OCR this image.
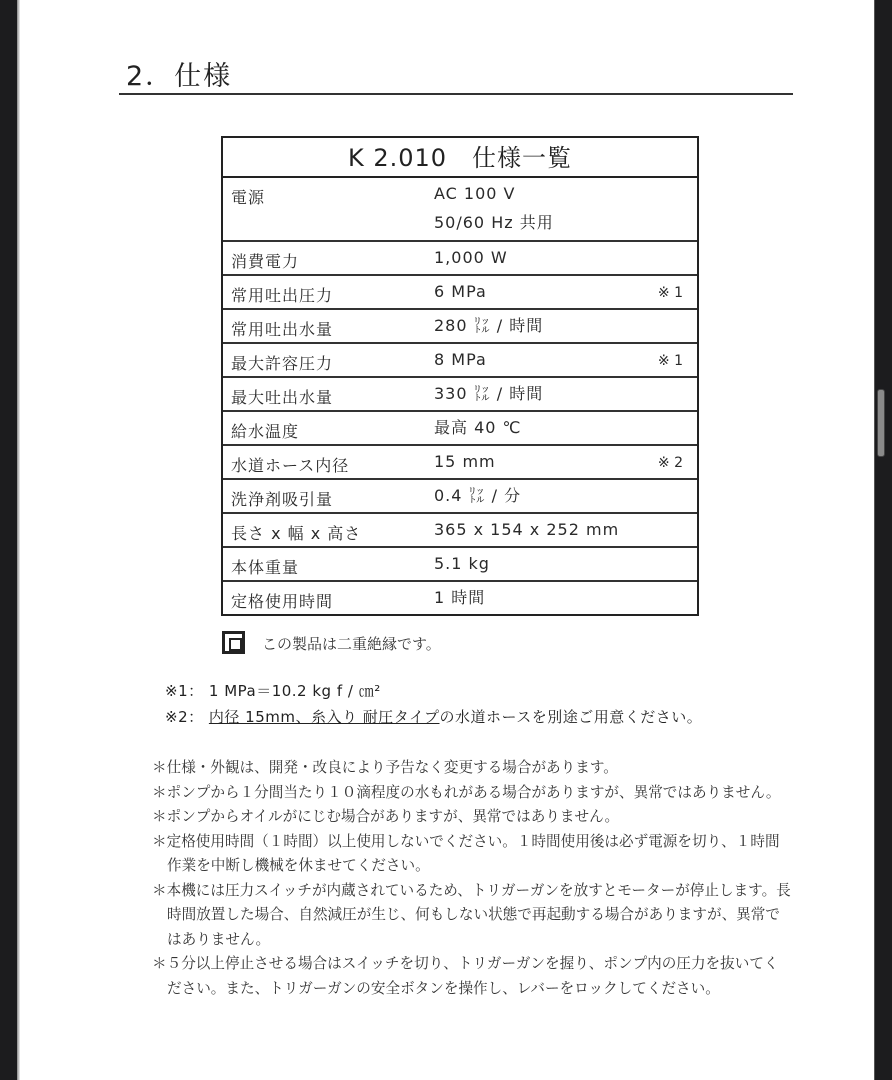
2．仕様
K 2.010　仕様一覧
電源	AC 100 V
50/60 Hz 共用
消費電力	1,000 W
常用吐出圧力	6 MPa	※ 1
常用吐出水量	280 ㍑ / 時間
最大許容圧力	8 MPa	※ 1
最大吐出水量	330 ㍑ / 時間
給水温度	最高 40 ℃
水道ホース内径	15 mm	※ 2
洗浄剤吸引量	0.4 ㍑ / 分
長さ x 幅 x 高さ	365 x 154 x 252 mm
本体重量	5.1 kg
定格使用時間	1 時間
この製品は二重絶縁です。
※1： 1 MPa＝10.2 kg f / ㎝²
※2： 内径 15mm、糸入り 耐圧タイプの水道ホースを別途ご用意ください。
＊仕様・外観は、開発・改良により予告なく変更する場合があります。
＊ポンプから１分間当たり１０滴程度の水もれがある場合がありますが、異常ではありません。
＊ポンプからオイルがにじむ場合がありますが、異常ではありません。
＊定格使用時間（１時間）以上使用しないでください。１時間使用後は必ず電源を切り、１時間作業を中断し機械を休ませてください。
＊本機には圧力スイッチが内蔵されているため、トリガーガンを放すとモーターが停止します。長時間放置した場合、自然減圧が生じ、何もしない状態で再起動する場合がありますが、異常ではありません。
＊５分以上停止させる場合はスイッチを切り、トリガーガンを握り、ポンプ内の圧力を抜いてください。また、トリガーガンの安全ボタンを操作し、レバーをロックしてください。
